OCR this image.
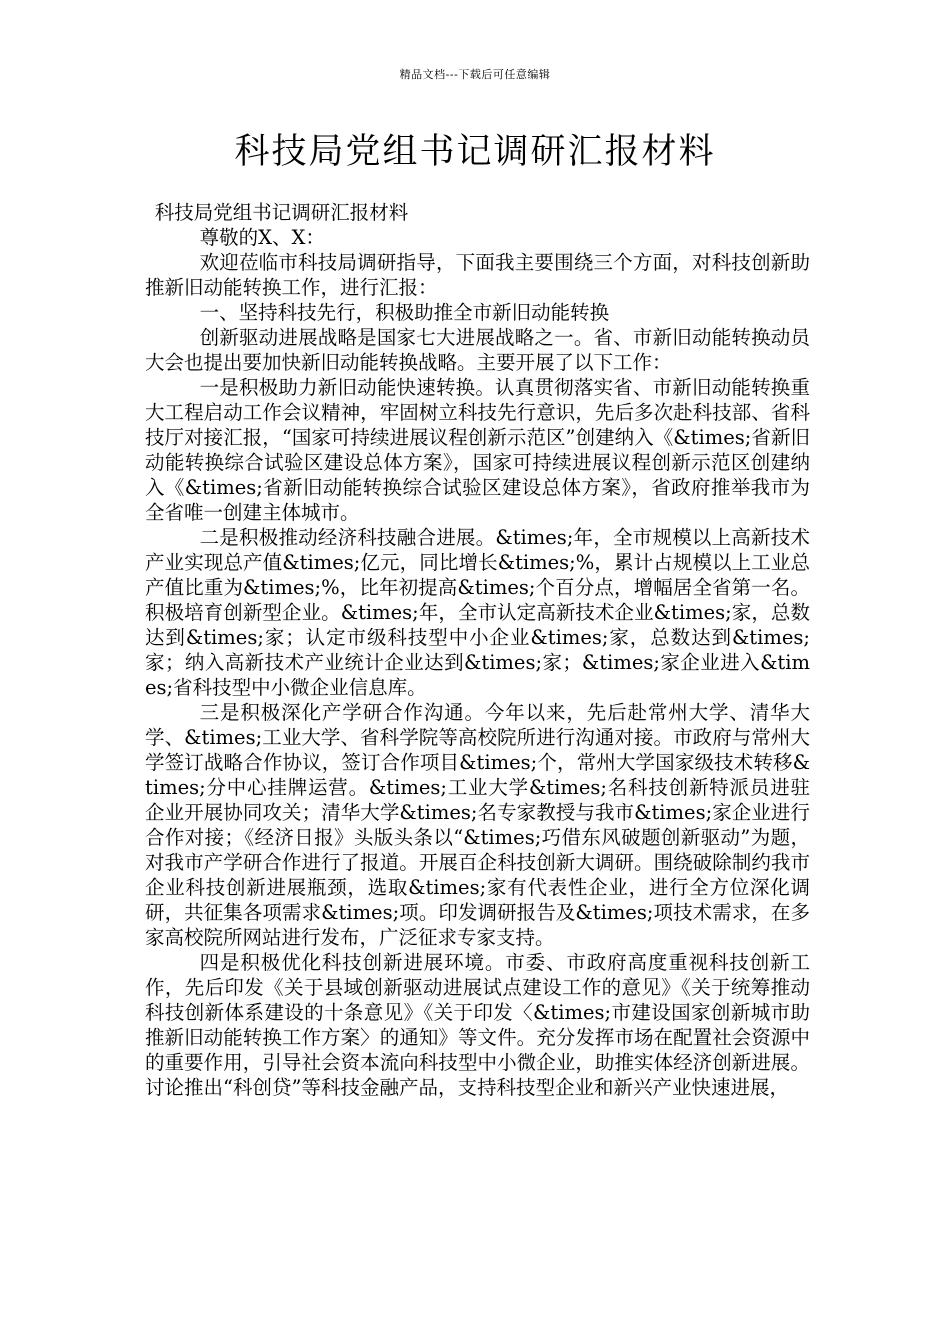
精品文档---下载后可任意编辑
科技局党组书记调研汇报材料

科技局党组书记调研汇报材料

尊敬的X、X：

欢迎莅临市科技局调研指导，下面我主要围绕三个方面，对科技创新助推新旧动能转换工作，进行汇报：

一、坚持科技先行，积极助推全市新旧动能转换

创新驱动进展战略是国家七大进展战略之一。省、市新旧动能转换动员大会也提出要加快新旧动能转换战略。主要开展了以下工作：

一是积极助力新旧动能快速转换。认真贯彻落实省、市新旧动能转换重大工程启动工作会议精神，牢固树立科技先行意识，先后多次赴科技部、省科技厅对接汇报，“国家可持续进展议程创新示范区”创建纳入《&times;省新旧动能转换综合试验区建设总体方案》，国家可持续进展议程创新示范区创建纳入《&times;省新旧动能转换综合试验区建设总体方案》，省政府推举我市为全省唯一创建主体城市。

二是积极推动经济科技融合进展。&times;年，全市规模以上高新技术产业实现总产值&times;亿元，同比增长&times;%，累计占规模以上工业总产值比重为&times;%，比年初提高&times;个百分点，增幅居全省第一名。积极培育创新型企业。&times;年，全市认定高新技术企业&times;家，总数达到&times;家；认定市级科技型中小企业&times;家，总数达到&times;家；纳入高新技术产业统计企业达到&times;家；&times;家企业进入&times;省科技型中小微企业信息库。

三是积极深化产学研合作沟通。今年以来，先后赴常州大学、清华大学、&times;工业大学、省科学院等高校院所进行沟通对接。市政府与常州大学签订战略合作协议，签订合作项目&times;个，常州大学国家级技术转移&times;分中心挂牌运营。&times;工业大学&times;名科技创新特派员进驻企业开展协同攻关；清华大学&times;名专家教授与我市&times;家企业进行合作对接；《经济日报》头版头条以“&times;巧借东风破题创新驱动”为题，对我市产学研合作进行了报道。开展百企科技创新大调研。围绕破除制约我市企业科技创新进展瓶颈，选取&times;家有代表性企业，进行全方位深化调研，共征集各项需求&times;项。印发调研报告及&times;项技术需求，在多家高校院所网站进行发布，广泛征求专家支持。

四是积极优化科技创新进展环境。市委、市政府高度重视科技创新工作，先后印发《关于县域创新驱动进展试点建设工作的意见》《关于统筹推动科技创新体系建设的十条意见》《关于印发〈&times;市建设国家创新城市助推新旧动能转换工作方案〉的通知》等文件。充分发挥市场在配置社会资源中的重要作用，引导社会资本流向科技型中小微企业，助推实体经济创新进展。讨论推出“科创贷”等科技金融产品，支持科技型企业和新兴产业快速进展，
